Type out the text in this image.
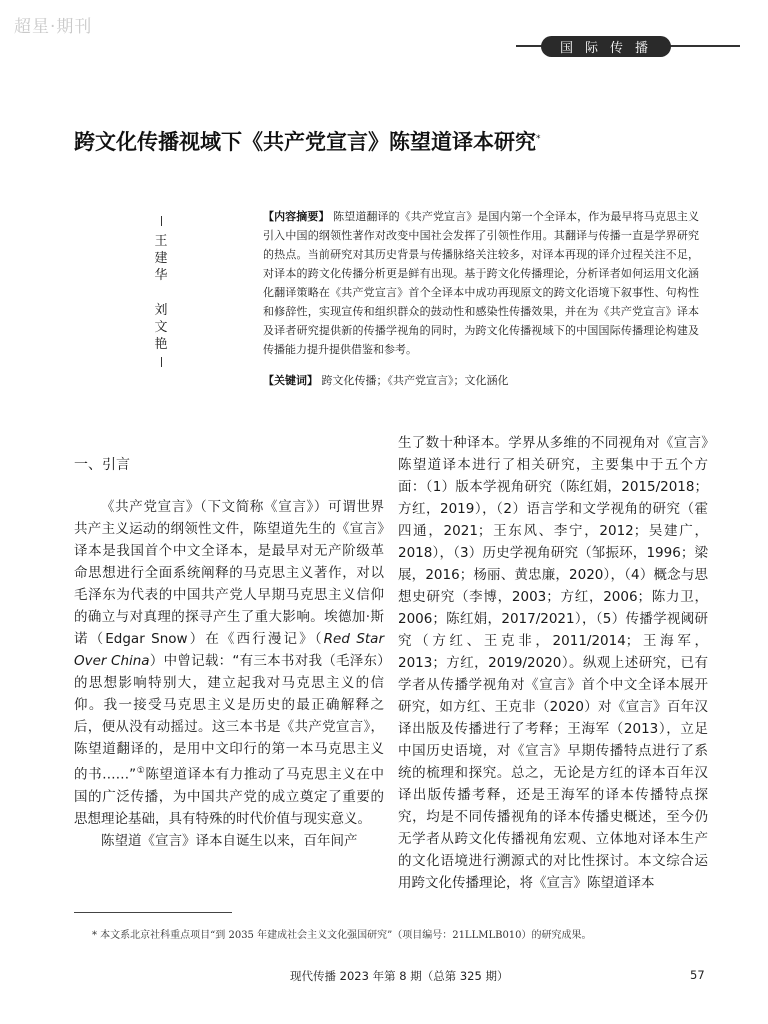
超星·期刊
国 际 传 播
跨文化传播视域下《共产党宣言》陈望道译本研究*
王
建
华
刘
文
艳
【内容摘要】 陈望道翻译的《共产党宣言》是国内第一个全译本，作为最早将马克思主义引入中国的纲领性著作对改变中国社会发挥了引领性作用。其翻译与传播一直是学界研究的热点。当前研究对其历史背景与传播脉络关注较多，对译本再现的译介过程关注不足，对译本的跨文化传播分析更是鲜有出现。基于跨文化传播理论，分析译者如何运用文化涵化翻译策略在《共产党宣言》首个全译本中成功再现原文的跨文化语境下叙事性、句构性和修辞性，实现宣传和组织群众的鼓动性和感染性传播效果，并在为《共产党宣言》译本及译者研究提供新的传播学视角的同时，为跨文化传播视域下的中国国际传播理论构建及传播能力提升提供借鉴和参考。
【关键词】 跨文化传播；《共产党宣言》；文化涵化

一、引言

《共产党宣言》（下文简称《宣言》）可谓世界共产主义运动的纲领性文件，陈望道先生的《宣言》译本是我国首个中文全译本，是最早对无产阶级革命思想进行全面系统阐释的马克思主义著作，对以毛泽东为代表的中国共产党人早期马克思主义信仰的确立与对真理的探寻产生了重大影响。埃德加·斯诺（Edgar Snow）在《西行漫记》（Red Star Over China）中曾记载：“有三本书对我（毛泽东）的思想影响特别大，建立起我对马克思主义的信仰。我一接受马克思主义是历史的最正确解释之后，便从没有动摇过。这三本书是《共产党宣言》，陈望道翻译的，是用中文印行的第一本马克思主义的书……”①陈望道译本有力推动了马克思主义在中国的广泛传播，为中国共产党的成立奠定了重要的思想理论基础，具有特殊的时代价值与现实意义。

陈望道《宣言》译本自诞生以来，百年间产

生了数十种译本。学界从多维的不同视角对《宣言》陈望道译本进行了相关研究，主要集中于五个方面：（1）版本学视角研究（陈红娟，2015/2018；方红，2019），（2）语言学和文学视角的研究（霍四通，2021；王东风、李宁，2012；吴建广，2018），（3）历史学视角研究（邹振环，1996；梁展，2016；杨丽、黄忠廉，2020），（4）概念与思想史研究（李博，2003；方红，2006；陈力卫，2006；陈红娟，2017/2021），（5）传播学视阈研究（方红、王克非，2011/2014；王海军，2013；方红，2019/2020）。纵观上述研究，已有学者从传播学视角对《宣言》首个中文全译本展开研究，如方红、王克非（2020）对《宣言》百年汉译出版及传播进行了考释；王海军（2013），立足中国历史语境，对《宣言》早期传播特点进行了系统的梳理和探究。总之，无论是方红的译本百年汉译出版传播考释，还是王海军的译本传播特点探究，均是不同传播视角的译本传播史概述，至今仍无学者从跨文化传播视角宏观、立体地对译本生产的文化语境进行溯源式的对比性探讨。本文综合运用跨文化传播理论，将《宣言》陈望道译本

* 本文系北京社科重点项目“到 2035 年建成社会主义文化强国研究”（项目编号：21LLMLB010）的研究成果。
现代传播 2023 年第 8 期（总第 325 期）	57
